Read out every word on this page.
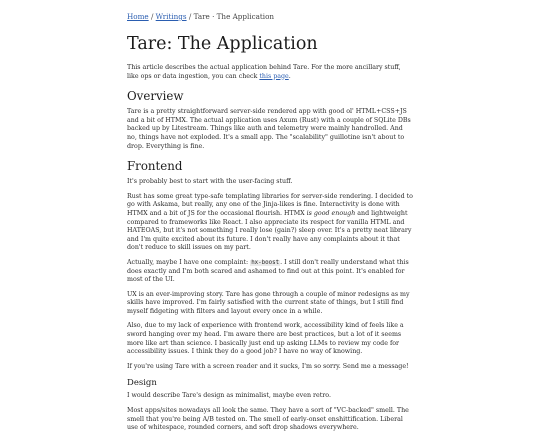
Home / Writings / Tare · The Application

Tare: The Application

This article describes the actual application behind Tare. For the more ancillary stuff, like ops or data ingestion, you can check this page.

Overview

Tare is a pretty straightforward server-side rendered app with good ol' HTML+CSS+JS and a bit of HTMX. The actual application uses Axum (Rust) with a couple of SQLite DBs backed up by Litestream. Things like auth and telemetry were mainly handrolled. And no, things have not exploded. It's a small app. The "scalability" guillotine isn't about to drop. Everything is fine.

Frontend

It's probably best to start with the user-facing stuff.

Rust has some great type-safe templating libraries for server-side rendering. I decided to go with Askama, but really, any one of the Jinja-likes is fine. Interactivity is done with HTMX and a bit of JS for the occasional flourish. HTMX is good enough and lightweight compared to frameworks like React. I also appreciate its respect for vanilla HTML and HATEOAS, but it's not something I really lose (gain?) sleep over. It's a pretty neat library and I'm quite excited about its future. I don't really have any complaints about it that don't reduce to skill issues on my part.

Actually, maybe I have one complaint: hx-boost. I still don't really understand what this does exactly and I'm both scared and ashamed to find out at this point. It's enabled for most of the UI.

UX is an ever-improving story. Tare has gone through a couple of minor redesigns as my skills have improved. I'm fairly satisfied with the current state of things, but I still find myself fidgeting with filters and layout every once in a while.

Also, due to my lack of experience with frontend work, accessibility kind of feels like a sword hanging over my head. I'm aware there are best practices, but a lot of it seems more like art than science. I basically just end up asking LLMs to review my code for accessibility issues. I think they do a good job? I have no way of knowing.

If you're using Tare with a screen reader and it sucks, I'm so sorry. Send me a message!

Design

I would describe Tare's design as minimalist, maybe even retro.

Most apps/sites nowadays all look the same. They have a sort of "VC-backed" smell. The smell that you're being A/B tested on. The smell of early-onset enshittification. Liberal use of whitespace, rounded corners, and soft drop shadows everywhere.
